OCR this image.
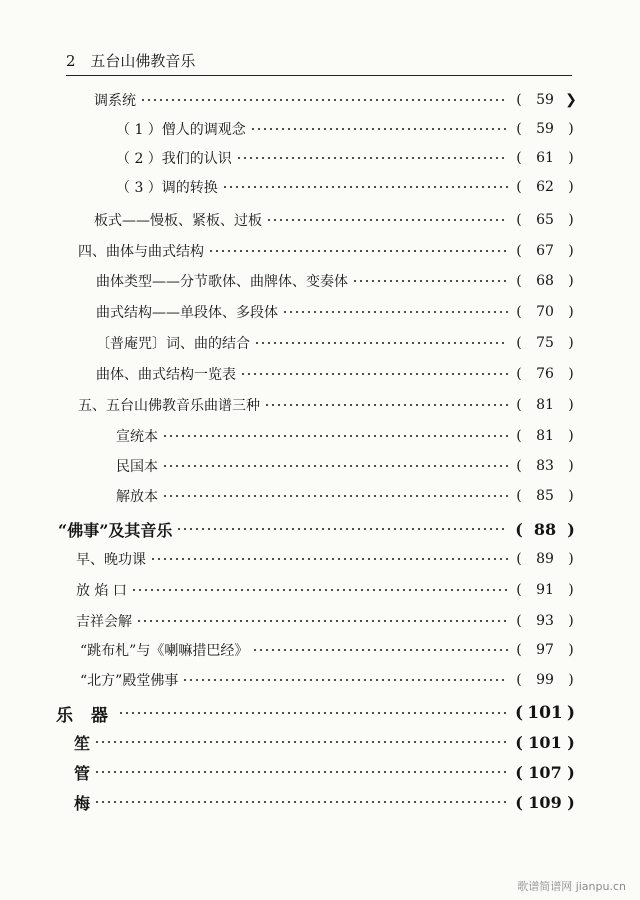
2 五台山佛教音乐
调系统	(	59 ❯
（ 1 ）僧人的调观念	(	59	)
（ 2 ）我们的认识	(	61	)
（ 3 ）调的转换	(	62	)
板式——慢板、紧板、过板	(	65	)
四、曲体与曲式结构	(	67	)
曲体类型——分节歌体、曲牌体、变奏体	(	68	)
曲式结构——单段体、多段体	(	70	)
〔普庵咒〕词、曲的结合	(	75	)
曲体、曲式结构一览表	(	76	)
五、五台山佛教音乐曲谱三种	(	81	)
宣统本	(	81	)
民国本	(	83	)
解放本	(	85	)
“佛事”及其音乐	( 88 )
早、晚功课	(	89	)
放 焰 口	(	91	)
吉祥会解	(	93	)
“跳布札”与《喇嘛措巴经》	(	97	)
“北方”殿堂佛事	(	99	)
乐 器	( 101 )
笙	( 101 )
管	( 107 )
梅	( 109 )
歌谱简谱网 jianpu.cn
